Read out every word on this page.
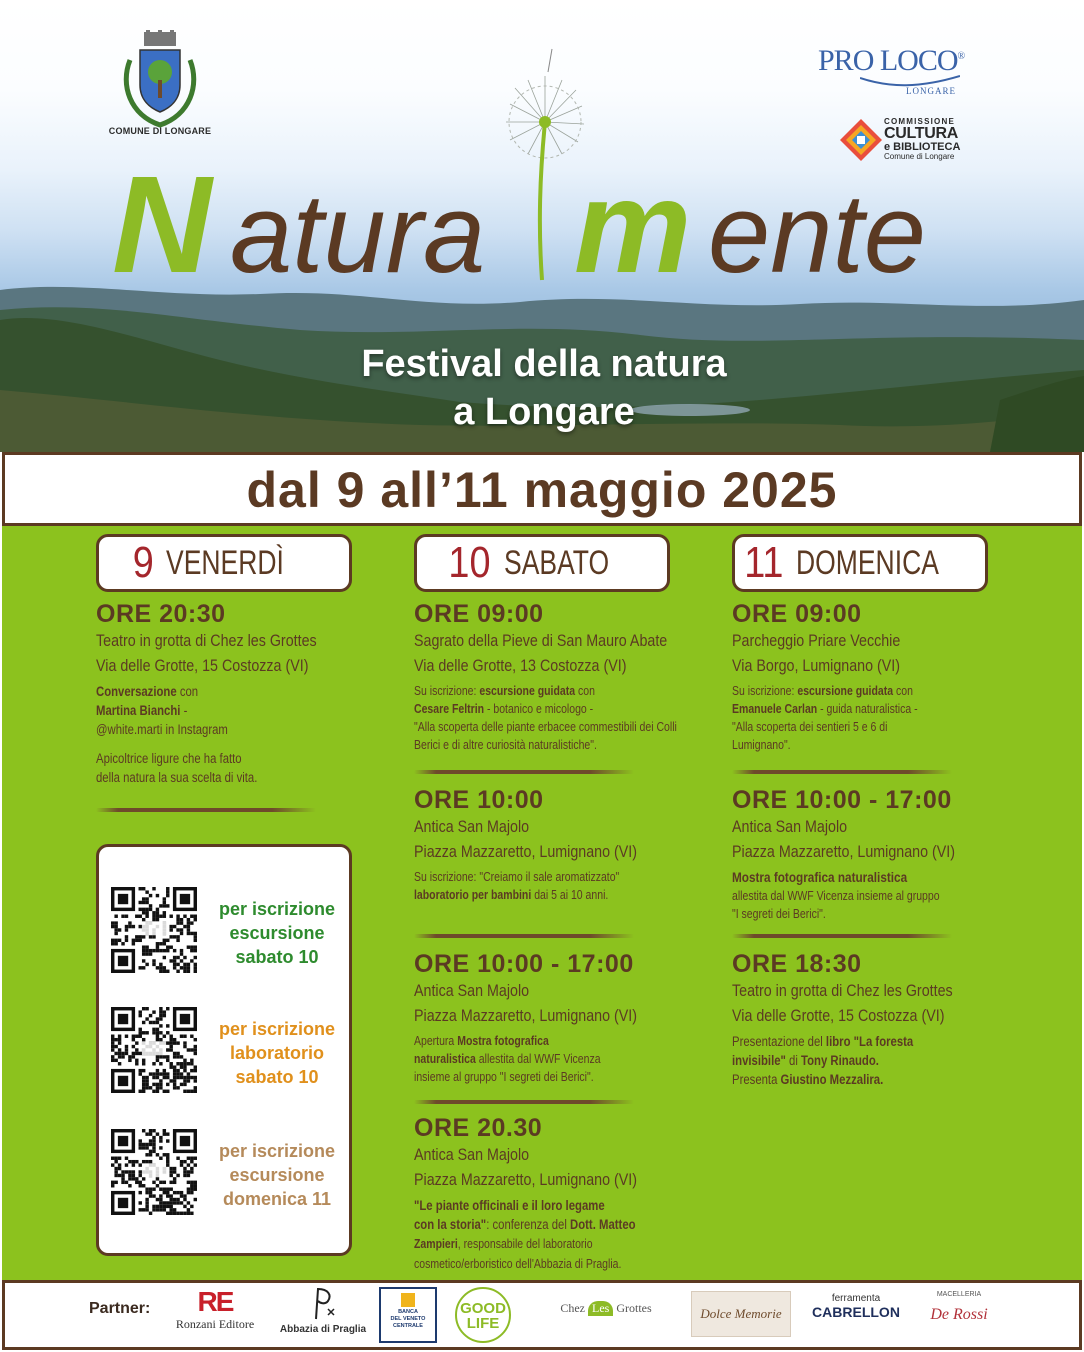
COMUNE DI LONGARE
PRO LOCO®
LONGARE
COMMISSIONE
CULTURA
e BIBLIOTECA
Comune di Longare
N atura m ente
Festival della natura
a Longare
dal 9 all’11 maggio 2025
9 VENERDÌ	10 SABATO	11 DOMENICA
ORE 20:30
Teatro in grotta di Chez les Grottes
Via delle Grotte, 15 Costozza (VI)
Conversazione con
Martina Bianchi -
@white.marti in Instagram
Apicoltrice ligure che ha fatto
della natura la sua scelta di vita.
per iscrizione
escursione
sabato 10
per iscrizione
laboratorio
sabato 10
per iscrizione
escursione
domenica 11
ORE 09:00
Sagrato della Pieve di San Mauro Abate
Via delle Grotte, 13 Costozza (VI)
Su iscrizione: escursione guidata con
Cesare Feltrin - botanico e micologo -
"Alla scoperta delle piante erbacee commestibili dei Colli
Berici e di altre curiosità naturalistiche".
ORE 10:00
Antica San Majolo
Piazza Mazzaretto, Lumignano (VI)
Su iscrizione: "Creiamo il sale aromatizzato"
laboratorio per bambini dai 5 ai 10 anni.
ORE 10:00 - 17:00
Antica San Majolo
Piazza Mazzaretto, Lumignano (VI)
Apertura Mostra fotografica
naturalistica allestita dal WWF Vicenza
insieme al gruppo "I segreti dei Berici".
ORE 20.30
Antica San Majolo
Piazza Mazzaretto, Lumignano (VI)
"Le piante officinali e il loro legame
con la storia": conferenza del Dott. Matteo
Zampieri, responsabile del laboratorio
cosmetico/erboristico dell'Abbazia di Praglia.
ORE 09:00
Parcheggio Priare Vecchie
Via Borgo, Lumignano (VI)
Su iscrizione: escursione guidata con
Emanuele Carlan - guida naturalistica -
"Alla scoperta dei sentieri 5 e 6 di
Lumignano".
ORE 10:00 - 17:00
Antica San Majolo
Piazza Mazzaretto, Lumignano (VI)
Mostra fotografica naturalistica
allestita dal WWF Vicenza insieme al gruppo
"I segreti dei Berici".
ORE 18:30
Teatro in grotta di Chez les Grottes
Via delle Grotte, 15 Costozza (VI)
Presentazione del libro "La foresta
invisibile" di Tony Rinaudo.
Presenta Giustino Mezzalira.
Partner:	RE
Ronzani Editore	Abbazia di Praglia
BANCA
DEL VENETO
CENTRALE
GOOD
LIFE
Chez Les Grottes	Dolce Memorie
ferramenta
CABRELLON
MACELLERIA
De Rossi
